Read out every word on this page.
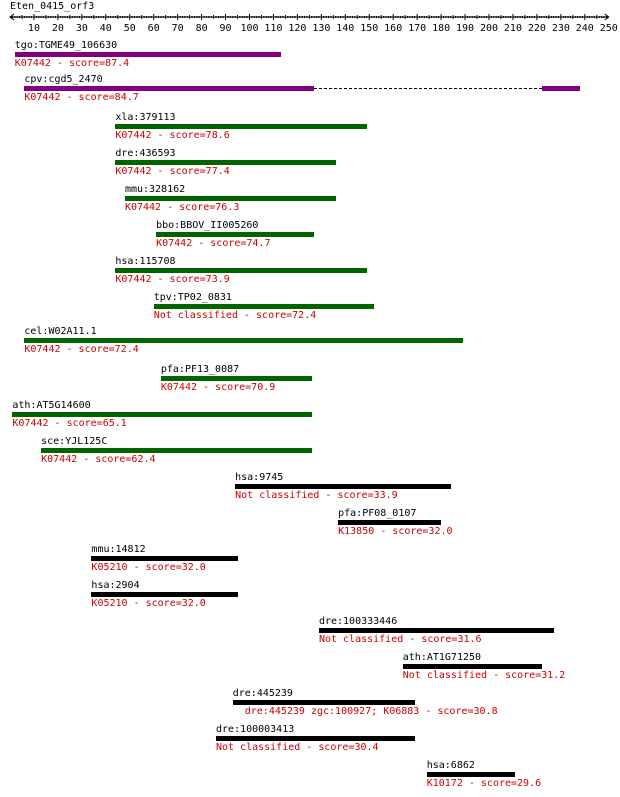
Eten_0415_orf3
10 20 30 40 50 60 70 80 90 100 110 120 130 140 150 160 170 180 190 200 210 220 230 240 250
tgo:TGME49_106630
K07442 - score=87.4
cpv:cgd5_2470
K07442 - score=84.7
xla:379113
K07442 - score=78.6
dre:436593
K07442 - score=77.4
mmu:328162
K07442 - score=76.3
bbo:BBOV_II005260
K07442 - score=74.7
hsa:115708
K07442 - score=73.9
tpv:TP02_0831
Not classified - score=72.4
cel:W02A11.1
K07442 - score=72.4
pfa:PF13_0087
K07442 - score=70.9
ath:AT5G14600
K07442 - score=65.1
sce:YJL125C
K07442 - score=62.4
hsa:9745
Not classified - score=33.9
pfa:PF08_0107
K13850 - score=32.0
mmu:14812
K05210 - score=32.0
hsa:2904
K05210 - score=32.0
dre:100333446
Not classified - score=31.6
ath:AT1G71250
Not classified - score=31.2
dre:445239
dre:445239 zgc:100927; K06883 - score=30.8
dre:100003413
Not classified - score=30.4
hsa:6862
K10172 - score=29.6
